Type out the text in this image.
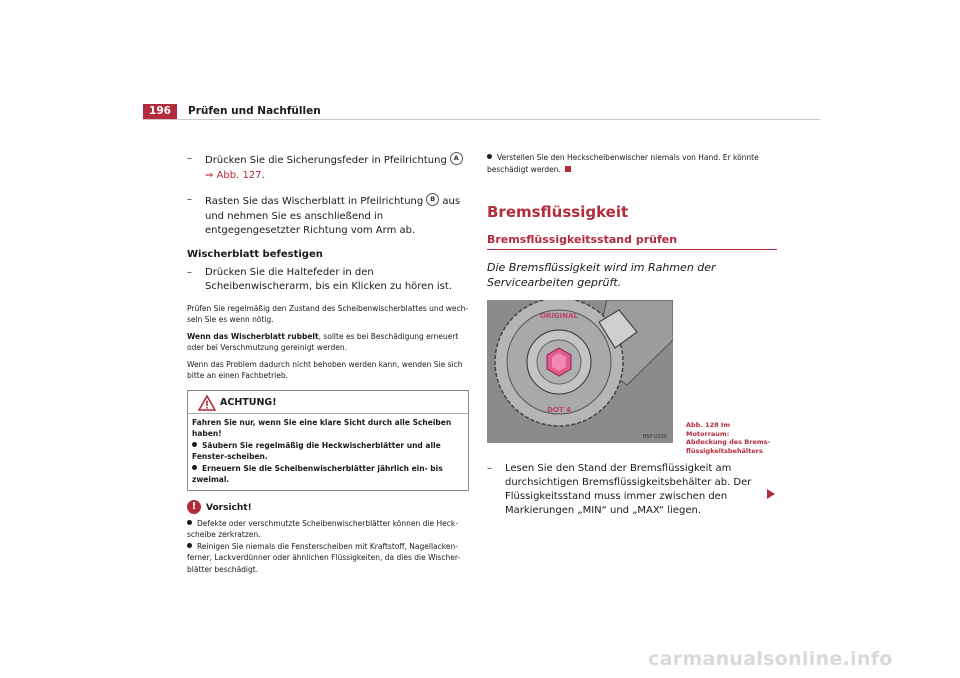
196	Prüfen und Nachfüllen
– Drücken Sie die Sicherungsfeder in Pfeilrichtung A
⇒ Abb. 127.
– Rasten Sie das Wischerblatt in Pfeilrichtung B aus und nehmen Sie es anschließend in entgegengesetzter Richtung vom Arm ab.
Wischerblatt befestigen
– Drücken Sie die Haltefeder in den Scheibenwischerarm, bis ein Klicken zu hören ist.

Prüfen Sie regelmäßig den Zustand des Scheibenwischerblattes und wech-seln Sie es wenn nötig.

Wenn das Wischerblatt rubbelt, sollte es bei Beschädigung erneuert oder bei Verschmutzung gereinigt werden.

Wenn das Problem dadurch nicht behoben werden kann, wenden Sie sich bitte an einen Fachbetrieb.

ACHTUNG!
Fahren Sie nur, wenn Sie eine klare Sicht durch alle Scheiben haben!
Säubern Sie regelmäßig die Heckwischerblätter und alle Fenster-scheiben.
Erneuern Sie die Scheibenwischerblätter jährlich ein- bis zweimal.
!	Vorsicht!
Defekte oder verschmutzte Scheibenwischerblätter können die Heck-scheibe zerkratzen.
Reinigen Sie niemals die Fensterscheiben mit Kraftstoff, Nagellacken-ferner, Lackverdünner oder ähnlichen Flüssigkeiten, da dies die Wischer-blätter beschädigt.
Verstellen Sie den Heckscheibenwischer niemals von Hand. Er könnte beschädigt werden.
Bremsflüssigkeit
Bremsflüssigkeitsstand prüfen
Die Bremsflüssigkeit wird im Rahmen der Servicearbeiten geprüft.
ORIGINAL
DOT 4
B5P-0035
– Lesen Sie den Stand der Bremsflüssigkeit am durchsichtigen Bremsflüssigkeitsbehälter ab. Der Flüssigkeitsstand muss immer zwischen den Markierungen „MIN“ und „MAX“ liegen.
Abb. 128 Im Motorraum: Abdeckung des Brems-flüssigkeitsbehälters
carmanualsonline.info
